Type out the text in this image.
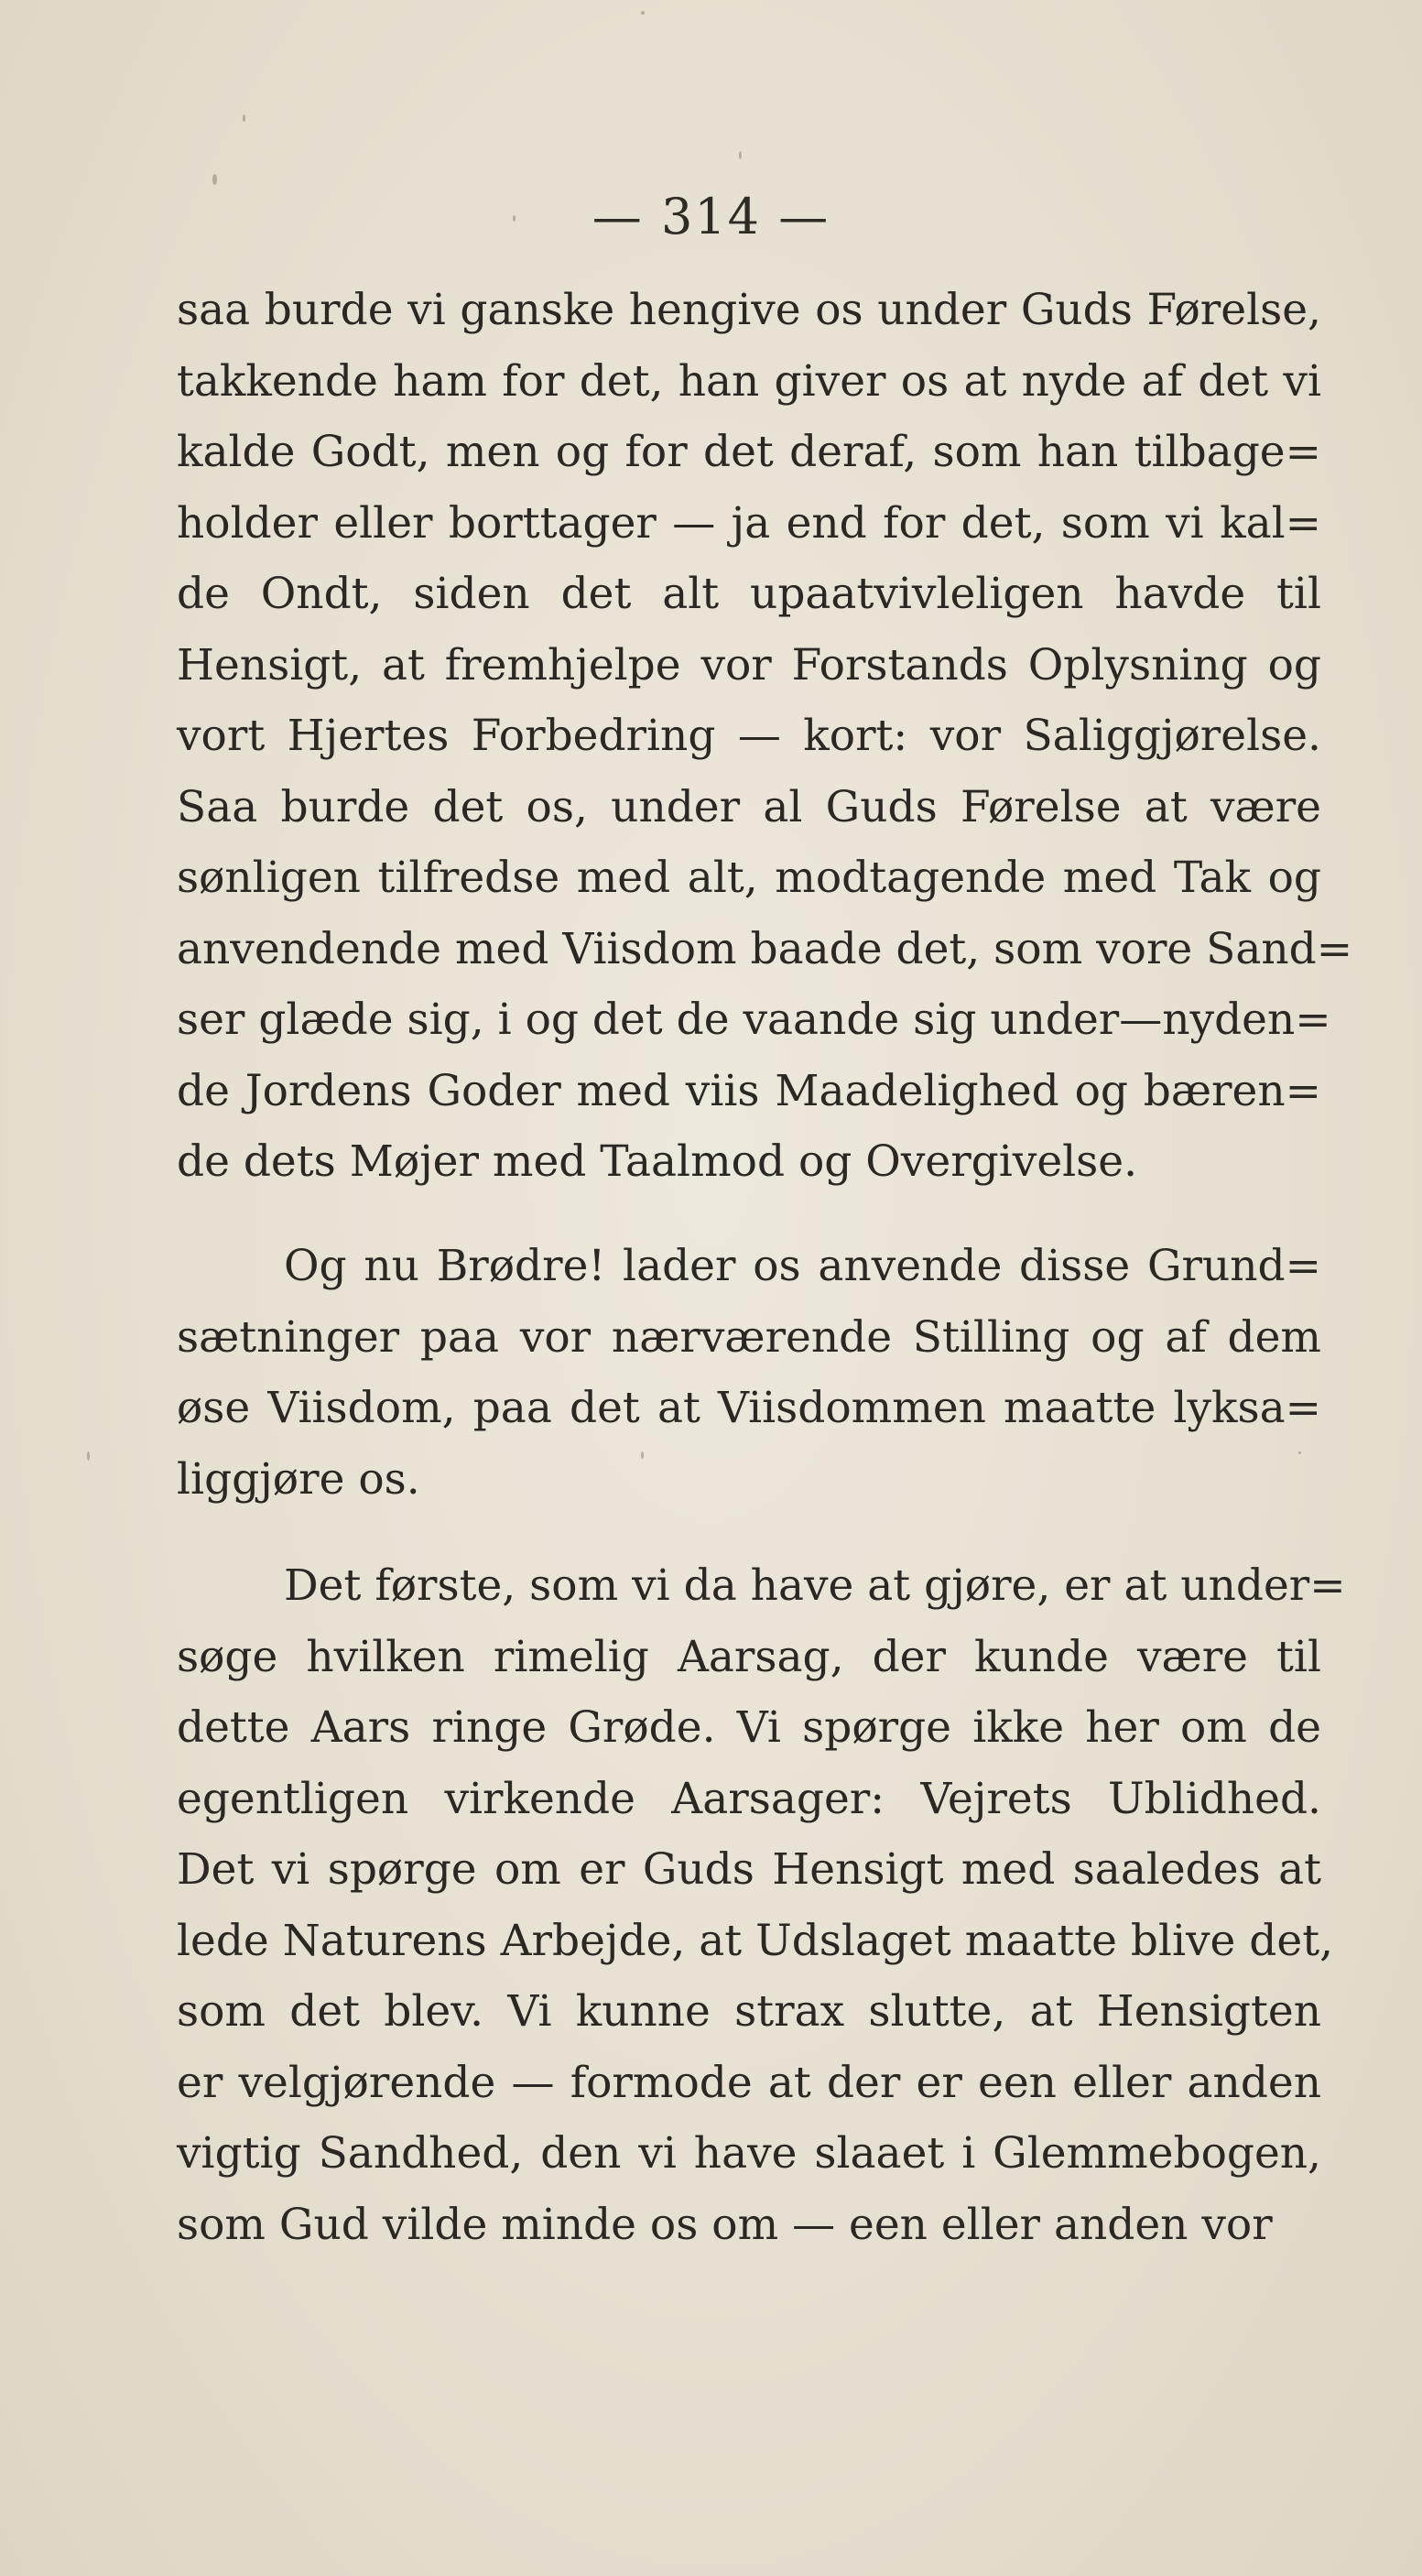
— 314 —
saa burde vi ganske hengive os under Guds Førelse,
takkende ham for det, han giver os at nyde af det vi
kalde Godt, men og for det deraf, som han tilbage=
holder eller borttager — ja end for det, som vi kal=
de Ondt, siden det alt upaatvivleligen havde til
Hensigt, at fremhjelpe vor Forstands Oplysning og
vort Hjertes Forbedring — kort: vor Saliggjørelse.
Saa burde det os, under al Guds Førelse at være
sønligen tilfredse med alt, modtagende med Tak og
anvendende med Viisdom baade det, som vore Sand=
ser glæde sig, i og det de vaande sig under—nyden=
de Jordens Goder med viis Maadelighed og bæren=
de dets Møjer med Taalmod og Overgivelse.
Og nu Brødre! lader os anvende disse Grund=
sætninger paa vor nærværende Stilling og af dem
øse Viisdom, paa det at Viisdommen maatte lyksa=
liggjøre os.
Det første, som vi da have at gjøre, er at under=
søge hvilken rimelig Aarsag, der kunde være til
dette Aars ringe Grøde. Vi spørge ikke her om de
egentligen virkende Aarsager: Vejrets Ublidhed.
Det vi spørge om er Guds Hensigt med saaledes at
lede Naturens Arbejde, at Udslaget maatte blive det,
som det blev. Vi kunne strax slutte, at Hensigten
er velgjørende — formode at der er een eller anden
vigtig Sandhed, den vi have slaaet i Glemmebogen,
som Gud vilde minde os om — een eller anden vor
